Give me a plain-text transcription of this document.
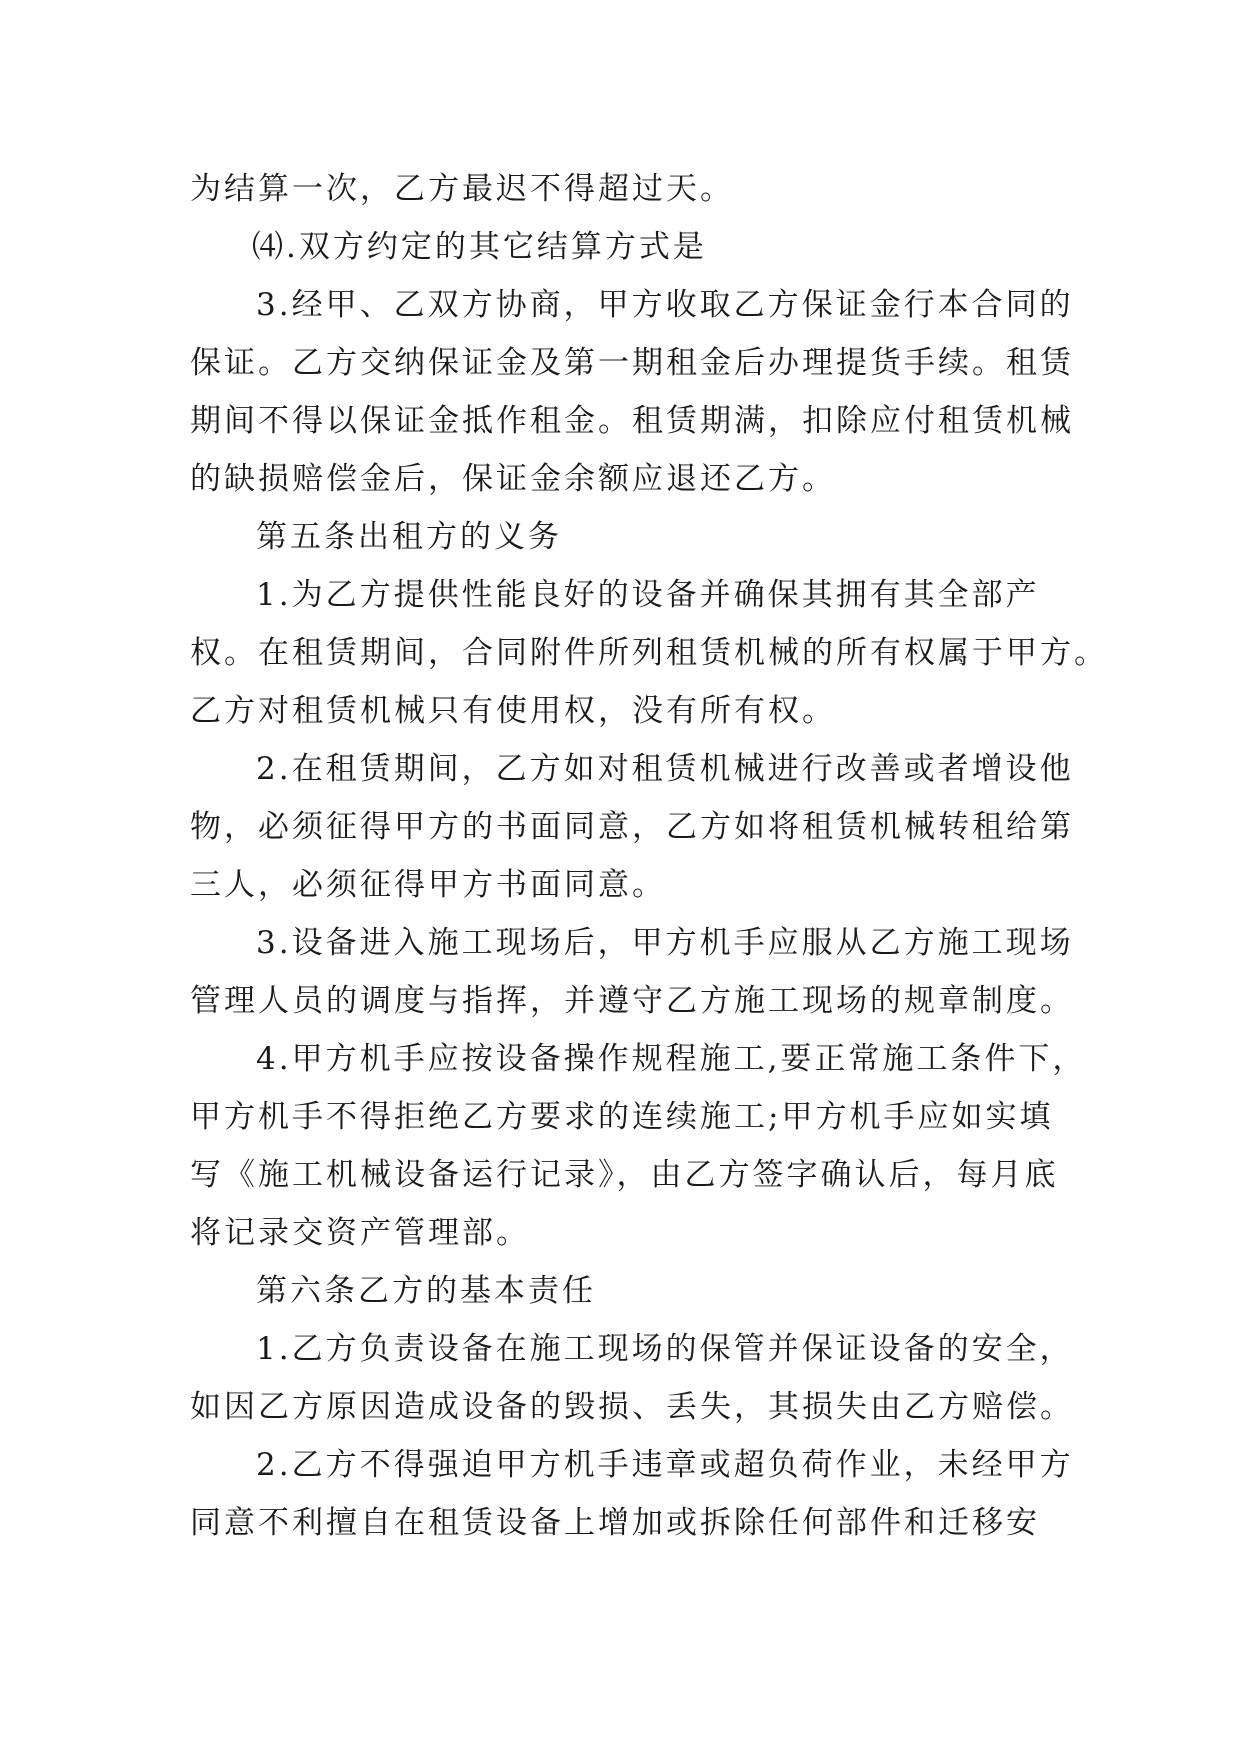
为结算一次，乙方最迟不得超过天。
⑷.双方约定的其它结算方式是
3.经甲、乙双方协商，甲方收取乙方保证金行本合同的
保证。乙方交纳保证金及第一期租金后办理提货手续。租赁
期间不得以保证金抵作租金。租赁期满，扣除应付租赁机械
的缺损赔偿金后，保证金余额应退还乙方。
第五条出租方的义务
1.为乙方提供性能良好的设备并确保其拥有其全部产
权。在租赁期间，合同附件所列租赁机械的所有权属于甲方。
乙方对租赁机械只有使用权，没有所有权。
2.在租赁期间，乙方如对租赁机械进行改善或者增设他
物，必须征得甲方的书面同意，乙方如将租赁机械转租给第
三人，必须征得甲方书面同意。
3.设备进入施工现场后，甲方机手应服从乙方施工现场
管理人员的调度与指挥，并遵守乙方施工现场的规章制度。
4.甲方机手应按设备操作规程施工,要正常施工条件下，
甲方机手不得拒绝乙方要求的连续施工;甲方机手应如实填
写《施工机械设备运行记录》，由乙方签字确认后，每月底
将记录交资产管理部。
第六条乙方的基本责任
1.乙方负责设备在施工现场的保管并保证设备的安全，
如因乙方原因造成设备的毁损、丢失，其损失由乙方赔偿。
2.乙方不得强迫甲方机手违章或超负荷作业，未经甲方
同意不利擅自在租赁设备上增加或拆除任何部件和迁移安
